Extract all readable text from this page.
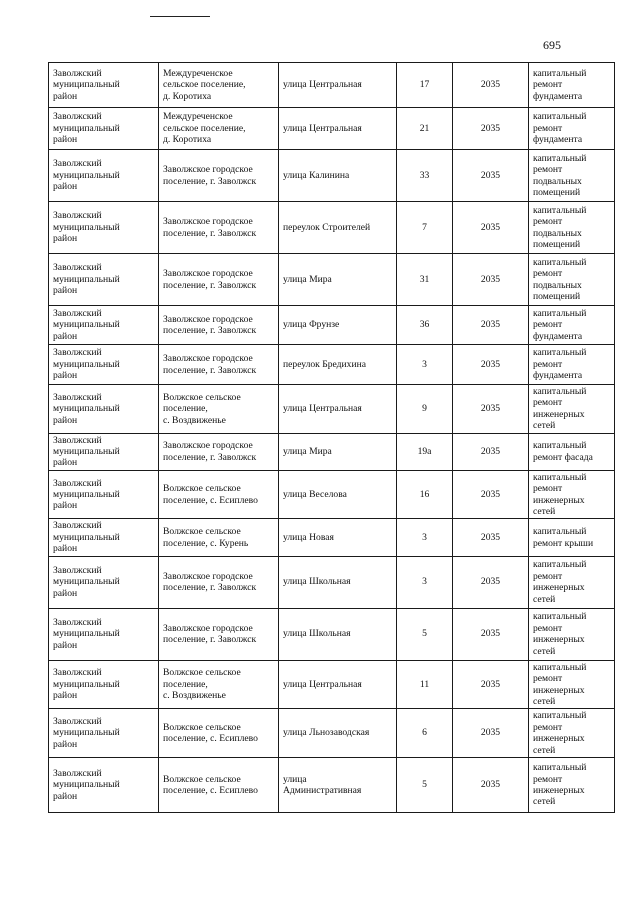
695
Заволжский
муниципальный
район	Междуреченское
сельское поселение,
д. Коротиха	улица Центральная	17	2035	капитальный
ремонт
фундамента
Заволжский
муниципальный
район	Междуреченское
сельское поселение,
д. Коротиха	улица Центральная	21	2035	капитальный
ремонт
фундамента
Заволжский
муниципальный
район	Заволжское городское
поселение, г. Заволжск	улица Калинина	33	2035	капитальный
ремонт
подвальных
помещений
Заволжский
муниципальный
район	Заволжское городское
поселение, г. Заволжск	переулок Строителей	7	2035	капитальный
ремонт
подвальных
помещений
Заволжский
муниципальный
район	Заволжское городское
поселение, г. Заволжск	улица Мира	31	2035	капитальный
ремонт
подвальных
помещений
Заволжский
муниципальный
район	Заволжское городское
поселение, г. Заволжск	улица Фрунзе	36	2035	капитальный
ремонт
фундамента
Заволжский
муниципальный
район	Заволжское городское
поселение, г. Заволжск	переулок Бредихина	3	2035	капитальный
ремонт
фундамента
Заволжский
муниципальный
район	Волжское сельское
поселение,
с. Воздвиженье	улица Центральная	9	2035	капитальный
ремонт
инженерных
сетей
Заволжский
муниципальный
район	Заволжское городское
поселение, г. Заволжск	улица Мира	19а	2035	капитальный
ремонт фасада
Заволжский
муниципальный
район	Волжское сельское
поселение, с. Есиплево	улица Веселова	16	2035	капитальный
ремонт
инженерных
сетей
Заволжский
муниципальный
район	Волжское сельское
поселение, с. Курень	улица Новая	3	2035	капитальный
ремонт крыши
Заволжский
муниципальный
район	Заволжское городское
поселение, г. Заволжск	улица Школьная	3	2035	капитальный
ремонт
инженерных
сетей
Заволжский
муниципальный
район	Заволжское городское
поселение, г. Заволжск	улица Школьная	5	2035	капитальный
ремонт
инженерных
сетей
Заволжский
муниципальный
район	Волжское сельское
поселение,
с. Воздвиженье	улица Центральная	11	2035	капитальный
ремонт
инженерных
сетей
Заволжский
муниципальный
район	Волжское сельское
поселение, с. Есиплево	улица Льнозаводская	6	2035	капитальный
ремонт
инженерных
сетей
Заволжский
муниципальный
район	Волжское сельское
поселение, с. Есиплево	улица
Административная	5	2035	капитальный
ремонт
инженерных
сетей
